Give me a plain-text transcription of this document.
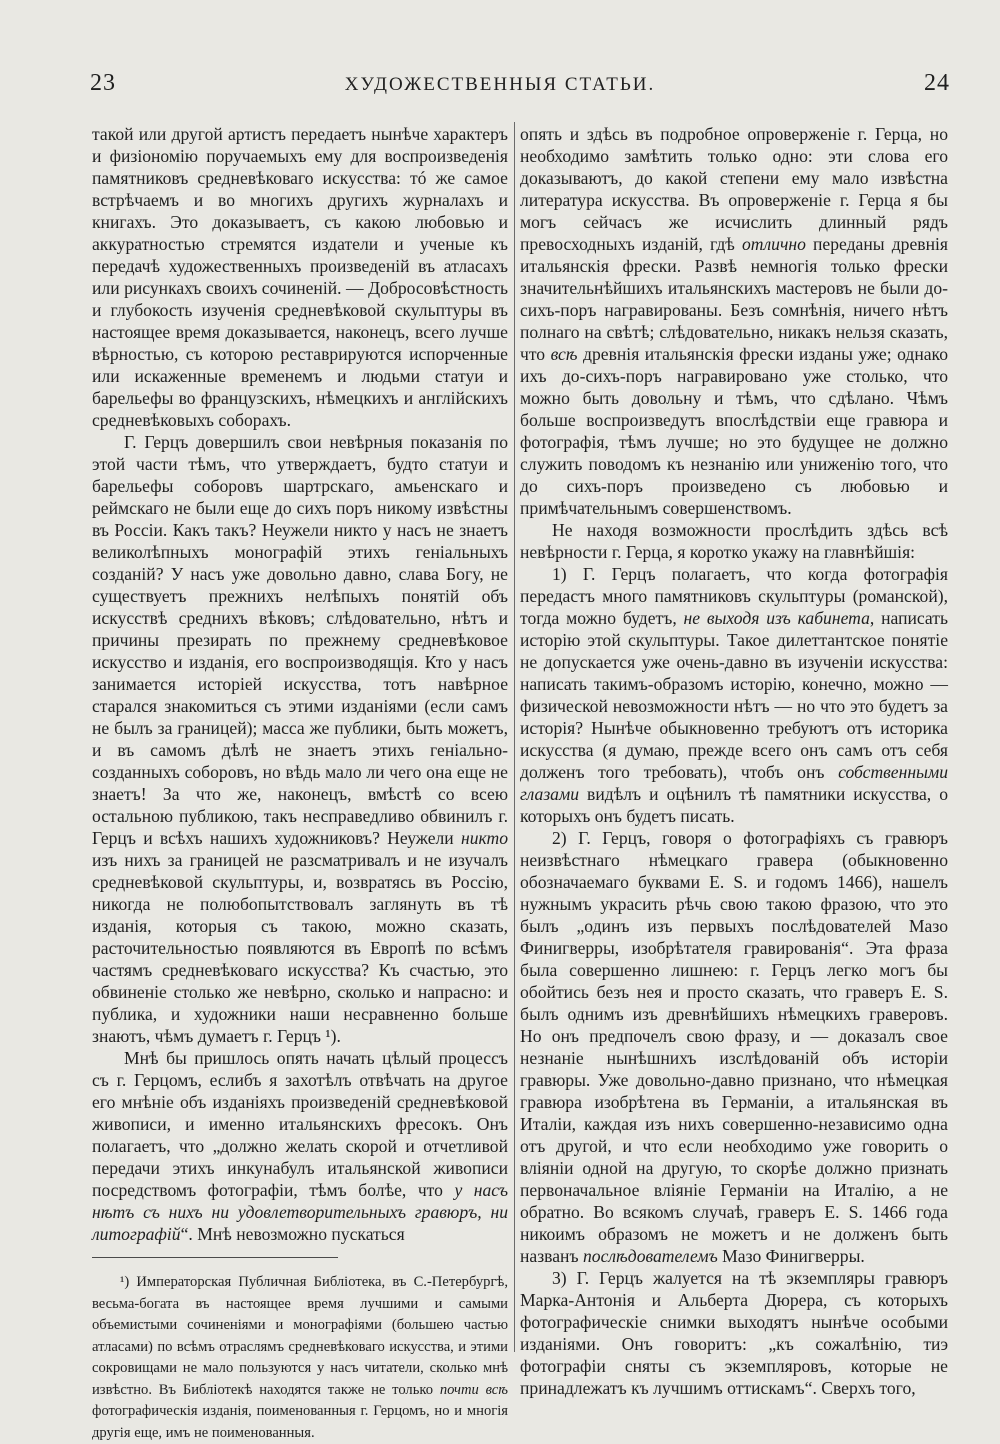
23	ХУДОЖЕСТВЕННЫЯ СТАТЬИ.	24

такой или другой артистъ передаетъ нынѣче характеръ и физіономію поручаемыхъ ему для воспроизведенія памятниковъ средневѣковаго искусства: тó же самое встрѣчаемъ и во многихъ другихъ журналахъ и книгахъ. Это доказываетъ, съ какою любовью и аккуратностью стремятся издатели и ученые къ передачѣ художественныхъ произведеній въ атласахъ или рисункахъ своихъ сочиненій. — Добросовѣстность и глубокость изученія средневѣковой скульптуры въ настоящее время доказывается, наконецъ, всего лучше вѣрностью, съ которою реставрируются испорченные или искаженные временемъ и людьми статуи и барельефы во французскихъ, нѣмецкихъ и англійскихъ средневѣковыхъ соборахъ.

Г. Герцъ довершилъ свои невѣрныя показанія по этой части тѣмъ, что утверждаетъ, будто статуи и барельефы соборовъ шартрскаго, амьенскаго и реймскаго не были еще до сихъ поръ никому извѣстны въ Россіи. Какъ такъ? Неужели никто у насъ не знаетъ великолѣпныхъ монографій этихъ геніальныхъ созданій? У насъ уже довольно давно, слава Богу, не существуетъ прежнихъ нелѣпыхъ понятій объ искусствѣ среднихъ вѣковъ; слѣдовательно, нѣтъ и причины презирать по прежнему средневѣковое искусство и изданія, его воспроизводящія. Кто у насъ занимается исторіей искусства, тотъ навѣрное старался знакомиться съ этими изданіями (если самъ не былъ за границей); масса же публики, быть можетъ, и въ самомъ дѣлѣ не знаетъ этихъ геніально-созданныхъ соборовъ, но вѣдь мало ли чего она еще не знаетъ! За что же, наконецъ, вмѣстѣ со всею остальною публикою, такъ несправедливо обвинилъ г. Герцъ и всѣхъ нашихъ художниковъ? Неужели никто изъ нихъ за границей не разсматривалъ и не изучалъ средневѣковой скульптуры, и, возвратясь въ Россію, никогда не полюбопытствовалъ заглянуть въ тѣ изданія, которыя съ такою, можно сказать, расточительностью появляются въ Европѣ по всѣмъ частямъ средневѣковаго искусства? Къ счастью, это обвиненіе столько же невѣрно, сколько и напрасно: и публика, и художники наши несравненно больше знаютъ, чѣмъ думаетъ г. Герцъ ¹).

Мнѣ бы пришлось опять начать цѣлый процессъ съ г. Герцомъ, еслибъ я захотѣлъ отвѣчать на другое его мнѣніе объ изданіяхъ произведеній средневѣковой живописи, и именно итальянскихъ фресокъ. Онъ полагаетъ, что „должно желать скорой и отчетливой передачи этихъ инкунабулъ итальянской живописи посредствомъ фотографіи, тѣмъ болѣе, что у насъ нѣтъ съ нихъ ни удовлетворительныхъ гравюръ, ни литографій“. Мнѣ невозможно пускаться

¹) Императорская Публичная Библіотека, въ С.-Петербургѣ, весьма-богата въ настоящее время лучшими и самыми объемистыми сочиненіями и монографіями (большею частью атласами) по всѣмъ отраслямъ средневѣковаго искусства, и этими сокровищами не мало пользуются у насъ читатели, сколько мнѣ извѣстно. Въ Библіотекѣ находятся также не только почти всѣ фотографическія изданія, поименованныя г. Герцомъ, но и многія другія еще, имъ не поименованныя.

опять и здѣсь въ подробное опроверженіе г. Герца, но необходимо замѣтить только одно: эти слова его доказываютъ, до какой степени ему мало извѣстна литература искусства. Въ опроверженіе г. Герца я бы могъ сейчасъ же исчислить длинный рядъ превосходныхъ изданій, гдѣ отлично переданы древнія итальянскія фрески. Развѣ немногія только фрески значительнѣйшихъ итальянскихъ мастеровъ не были до-сихъ-поръ награвированы. Безъ сомнѣнія, ничего нѣтъ полнаго на свѣтѣ; слѣдовательно, никакъ нельзя сказать, что всѣ древнія итальянскія фрески изданы уже; однако ихъ до-сихъ-поръ награвировано уже столько, что можно быть довольну и тѣмъ, что сдѣлано. Чѣмъ больше воспроизведутъ впослѣдствіи еще гравюра и фотографія, тѣмъ лучше; но это будущее не должно служить поводомъ къ незнанію или униженію того, что до сихъ-поръ произведено съ любовью и примѣчательнымъ совершенствомъ.

Не находя возможности прослѣдить здѣсь всѣ невѣрности г. Герца, я коротко укажу на главнѣйшія:

1) Г. Герцъ полагаетъ, что когда фотографія передастъ много памятниковъ скульптуры (романской), тогда можно будетъ, не выходя изъ кабинета, написать исторію этой скульптуры. Такое дилеттантское понятіе не допускается уже очень-давно въ изученіи искусства: написать такимъ-образомъ исторію, конечно, можно — физической невозможности нѣтъ — но что это будетъ за исторія? Нынѣче обыкновенно требуютъ отъ историка искусства (я думаю, прежде всего онъ самъ отъ себя долженъ того требовать), чтобъ онъ собственными глазами видѣлъ и оцѣнилъ тѣ памятники искусства, о которыхъ онъ будетъ писать.

2) Г. Герцъ, говоря о фотографіяхъ съ гравюръ неизвѣстнаго нѣмецкаго гравера (обыкновенно обозначаемаго буквами E. S. и годомъ 1466), нашелъ нужнымъ украсить рѣчь свою такою фразою, что это былъ „одинъ изъ первыхъ послѣдователей Мазо Финигверры, изобрѣтателя гравированія“. Эта фраза была совершенно лишнею: г. Герцъ легко могъ бы обойтись безъ нея и просто сказать, что граверъ E. S. былъ однимъ изъ древнѣйшихъ нѣмецкихъ граверовъ. Но онъ предпочелъ свою фразу, и — доказалъ свое незнаніе нынѣшнихъ изслѣдованій объ исторіи гравюры. Уже довольно-давно признано, что нѣмецкая гравюра изобрѣтена въ Германіи, а итальянская въ Италіи, каждая изъ нихъ совершенно-независимо одна отъ другой, и что если необходимо уже говорить о вліяніи одной на другую, то скорѣе должно признать первоначальное вліяніе Германіи на Италію, а не обратно. Во всякомъ случаѣ, граверъ E. S. 1466 года никоимъ образомъ не можетъ и не долженъ быть названъ послѣдователемъ Мазо Финигверры.

3) Г. Герцъ жалуется на тѣ экземпляры гравюръ Марка-Антонія и Альберта Дюрера, съ которыхъ фотографическіе снимки выходятъ нынѣче особыми изданіями. Онъ говоритъ: „къ сожалѣнію, тиэ фотографіи сняты съ экземпляровъ, которые не принадлежатъ къ лучшимъ оттискамъ“. Сверхъ того,
